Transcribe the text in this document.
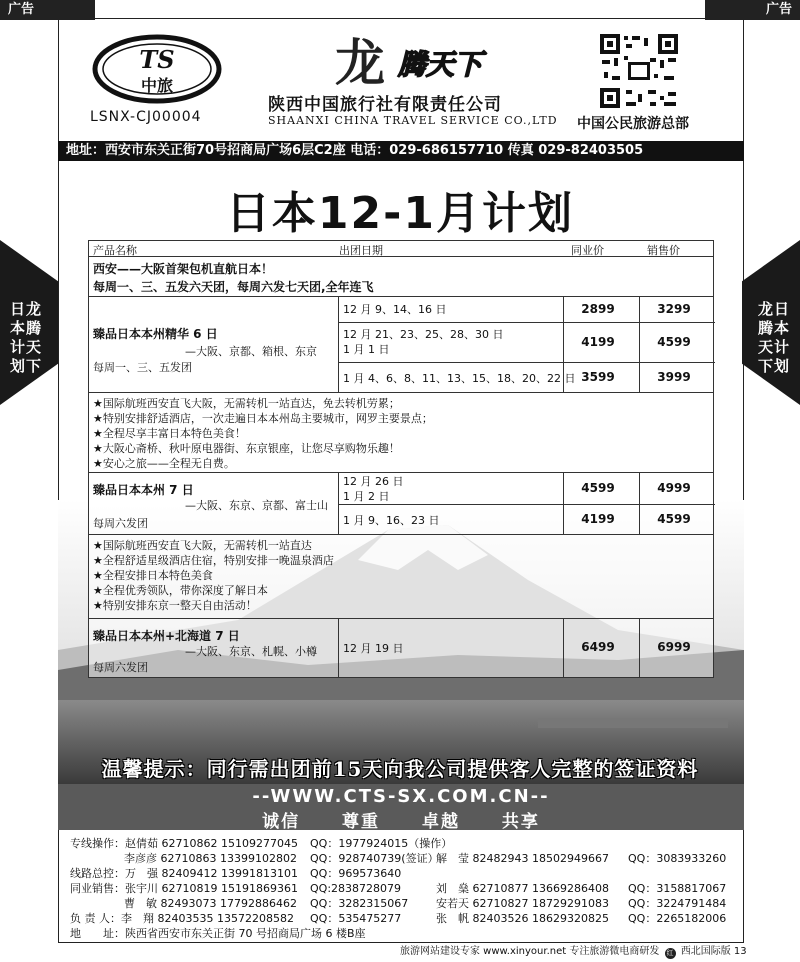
广告	广告
TS
中旅
LSNX-CJ00004
龙 腾天下
陕西中国旅行社有限责任公司
SHAANXI CHINA TRAVEL SERVICE CO.,LTD 中国公民旅游总部
地址：西安市东关正街70号招商局广场6层C2座 电话：029-686157710 传真 029-82403505
日本12-1月计划
日龙
本腾
计天
划下
龙日
腾本
天计
下划
产品名称	出团日期	同业价	销售价
西安——大阪首架包机直航日本！
每周一、三、五发六天团，每周六发七天团,全年连飞
臻品日本本州精华 6 日
—大阪、京都、箱根、东京
每周一、三、五发团
12 月 9、14、16 日	2899	3299
12 月 21、23、25、28、30 日
1 月 1 日
4199	4599
1 月 4、6、8、11、13、15、18、20、22 日 3599	3999
★国际航班西安直飞大阪，无需转机一站直达，免去转机劳累；
★特别安排舒适酒店，一次走遍日本本州岛主要城市，网罗主要景点；
★全程尽享丰富日本特色美食！
★大阪心斋桥、秋叶原电器街、东京银座，让您尽享购物乐趣！
★安心之旅——全程无自费。
臻品日本本州 7 日
—大阪、东京、京都、富士山
每周六发团
12 月 26 日
1 月 2 日
4599	4999
1 月 9、16、23 日	4199	4599
★国际航班西安直飞大阪，无需转机一站直达
★全程舒适星级酒店住宿，特别安排一晚温泉酒店
★全程安排日本特色美食
★全程优秀领队，带你深度了解日本
★特别安排东京一整天自由活动！
臻品日本本州+北海道 7 日
—大阪、东京、札幌、小樽
每周六发团
12 月 19 日	6499	6999
温馨提示：同行需出团前15天向我公司提供客人完整的签证资料
--WWW.CTS-SX.COM.CN--
诚信 尊重 卓越 共享
专线操作：赵倩茹 62710862 15109277045 QQ：1977924015（操作）
李彦彦 62710863 13399102802 QQ：928740739(签证）
解　莹 82482943 18502949667 QQ：3083933260
线路总控：万　强 82409412 13991813101 QQ：969573640
同业销售：张宇川 62710819 15191869361 QQ:2838728079	刘　燊 62710877 13669286408 QQ：3158817067
曹　敏 82493073 17792886462 QQ：3282315067	安若天 62710827 18729291083 QQ：3224791484
负 责 人：李　翔 82403535 13572208582 QQ：535475277	张　帆 82403526 18629320825 QQ：2265182006
地　　址：陕西省西安市东关正街 70 号招商局广场 6 楼B座
旅游网站建设专家 www.xinyour.net 专注旅游微电商研发 红 西北国际版 13
